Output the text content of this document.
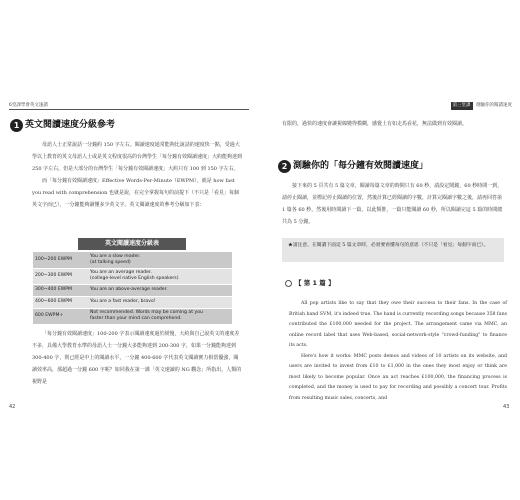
6堂課學會英文速讀	第三堂課 測驗你的閱讀速度
1 英文閱讀速度分級參考

母語人士正常說話一分鐘約 150 字左右。閱讀速度通常能夠比說話的速度快一點，受過大學以上教育的英文母語人士或是英文程度很高的台灣學生「每分鐘有效閱讀速度」大約能夠達到 250 字左右，但是大部分的台灣學生「每分鐘有效閱讀速度」大約只有 100 到 150 字左右。

而「每分鐘有效閱讀速度」Effective Words-Per-Minute（EWPM），就是 how fast you read with comprehension 也就是說，在完全掌握每句的前提下（不只是「看見」每個英文字而已），一分鐘能夠讀懂多少英文字。英文閱讀速度的參考分級如下表：

英文閱讀速度分級表
100~200 EWPM	You are a slow reader.
(at talking speed)
200~300 EWPM	You are an average reader.
(college-level native English speakers)
300~400 EWPM	You are an above-average reader.
400~600 EWPM	You are a fast reader, bravo!
600 EWPM+	Not recommended. Words may be coming at you
faster than your mind can comprehend.

「每分鐘有效閱讀速度」100-200 字表示閱讀速度過於緩慢，大約與自己說英文的速度差不多，具備大學教育水準的母語人士一分鐘大多能夠達到 200-300 字，如果一分鐘能夠達到 300-400 字，則已經是中上的閱讀水平，一分鐘 400-600 字代表英文閱讀實力相當優強，閱讀效率高，那超過一分鐘 600 字呢？如同我在第一課「英文速讀的 NG 觀念」所指出，人類的視野是

42

有限的，過快的速度會讓視線變得模糊，感覺上有如走馬看花，無法做到有效閱讀。

2 測驗你的「每分鐘有效閱讀速度」

接下來的 5 頁共有 5 篇文章，閱讀每篇文章的時間只有 60 秒，請設定鬧鐘，60 秒時間一到，請停止閱讀，並標記停止閱讀的位置，然後計算已經閱讀的字數，計算完閱讀字數之後，請再回答第 1 篇各 60 秒，然後用時間讀下一篇，以此類推，一篇只能閱讀 60 秒，所以閱讀完這 5 篇的時間總共為 5 分鐘。

★請注意，在閱讀下面這 5 篇文章時，必須要看懂每句的意思（不只是「看見」每個字而已）。
【 第 1 篇 】

All pop artists like to say that they owe their success to their fans. In the case of British band SVM, it's indeed true. The band is currently recording songs because 358 fans contributed the £100,000 needed for the project. The arrangement came via MMC, an online record label that uses Web-based, social-network-style "crowd-funding" to finance its acts.

Here's how it works: MMC posts demos and videos of 10 artists on its website, and users are invited to invest from £10 to £1,000 in the ones they most enjoy or think are most likely to become popular. Once an act reaches £100,000, the financing process is completed, and the money is used to pay for recording and possibly a concert tour. Profits from resulting music sales, concerts, and

43
